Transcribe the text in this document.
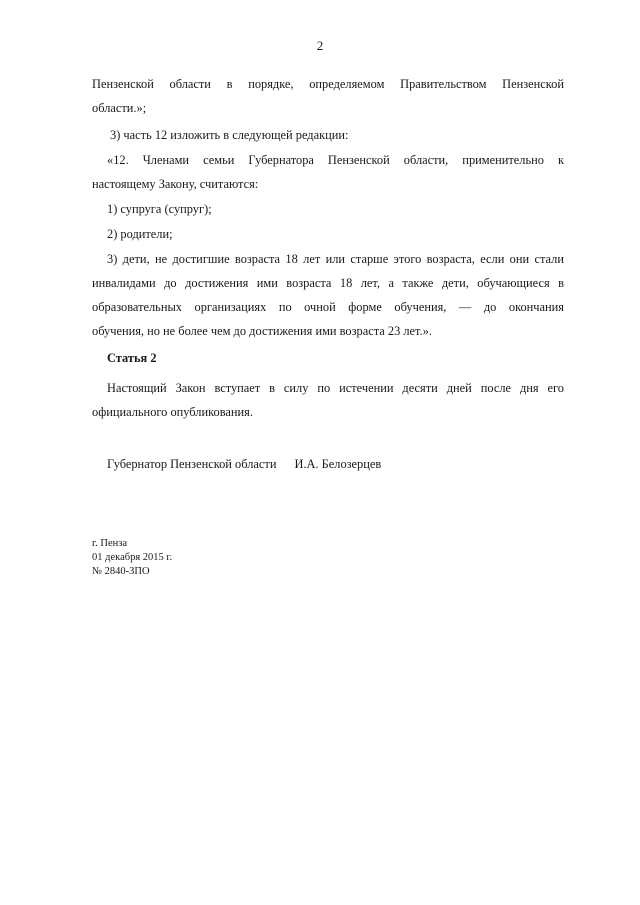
2
Пензенской области в порядке, определяемом Правительством Пензенской
области.»;
3) часть 12 изложить в следующей редакции:
«12. Членами семьи Губернатора Пензенской области, применительно к
настоящему Закону, считаются:
1) супруга (супруг);
2) родители;
3) дети, не достигшие возраста 18 лет или старше этого возраста, если они стали
инвалидами до достижения ими возраста 18 лет, а также дети, обучающиеся в
образовательных организациях по очной форме обучения, — до окончания
обучения, но не более чем до достижения ими возраста 23 лет.».
Статья 2
Настоящий Закон вступает в силу по истечении десяти дней после дня его
официального опубликования.
Губернатор Пензенской области И.А. Белозерцев
г. Пенза
01 декабря 2015 г.
№ 2840-ЗПО
